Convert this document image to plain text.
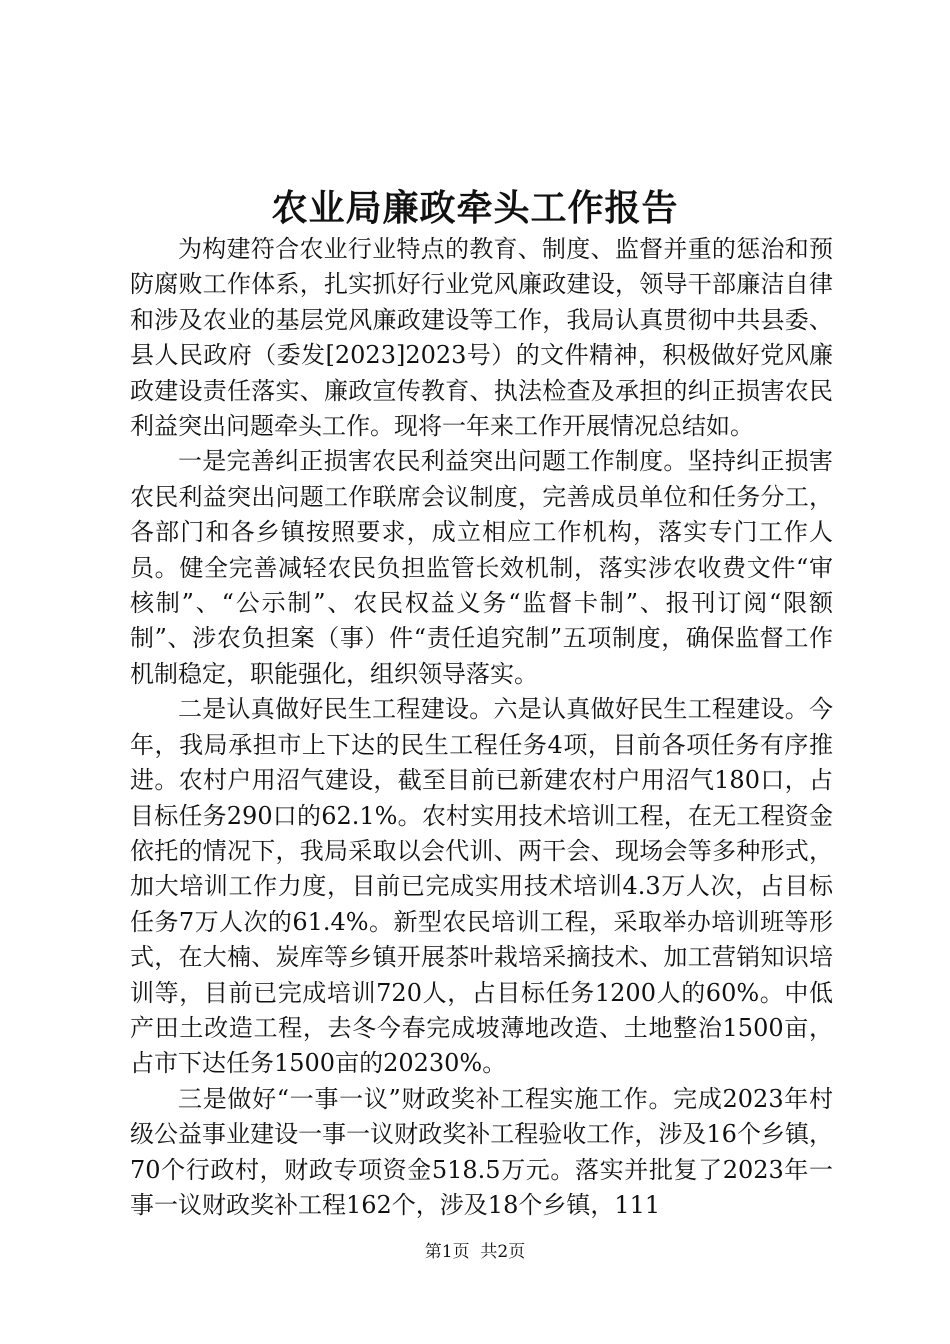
农业局廉政牵头工作报告

为构建符合农业行业特点的教育、制度、监督并重的惩治和预防腐败工作体系，扎实抓好行业党风廉政建设，领导干部廉洁自律和涉及农业的基层党风廉政建设等工作，我局认真贯彻中共县委、县人民政府（委发[2023]2023号）的文件精神，积极做好党风廉政建设责任落实、廉政宣传教育、执法检查及承担的纠正损害农民利益突出问题牵头工作。现将一年来工作开展情况总结如。

一是完善纠正损害农民利益突出问题工作制度。坚持纠正损害农民利益突出问题工作联席会议制度，完善成员单位和任务分工，各部门和各乡镇按照要求，成立相应工作机构，落实专门工作人员。健全完善减轻农民负担监管长效机制，落实涉农收费文件“审核制”、“公示制”、农民权益义务“监督卡制”、报刊订阅“限额制”、涉农负担案（事）件“责任追究制”五项制度，确保监督工作机制稳定，职能强化，组织领导落实。

二是认真做好民生工程建设。六是认真做好民生工程建设。今年，我局承担市上下达的民生工程任务4项，目前各项任务有序推进。农村户用沼气建设，截至目前已新建农村户用沼气180口，占目标任务290口的62.1%。农村实用技术培训工程，在无工程资金依托的情况下，我局采取以会代训、两干会、现场会等多种形式，加大培训工作力度，目前已完成实用技术培训4.3万人次，占目标任务7万人次的61.4%。新型农民培训工程，采取举办培训班等形式，在大楠、炭库等乡镇开展茶叶栽培采摘技术、加工营销知识培训等，目前已完成培训720人，占目标任务1200人的60%。中低产田土改造工程，去冬今春完成坡薄地改造、土地整治1500亩，占市下达任务1500亩的20230%。

三是做好“一事一议”财政奖补工程实施工作。完成2023年村级公益事业建设一事一议财政奖补工程验收工作，涉及16个乡镇，70个行政村，财政专项资金518.5万元。落实并批复了2023年一事一议财政奖补工程162个，涉及18个乡镇，111

第1页 共2页
